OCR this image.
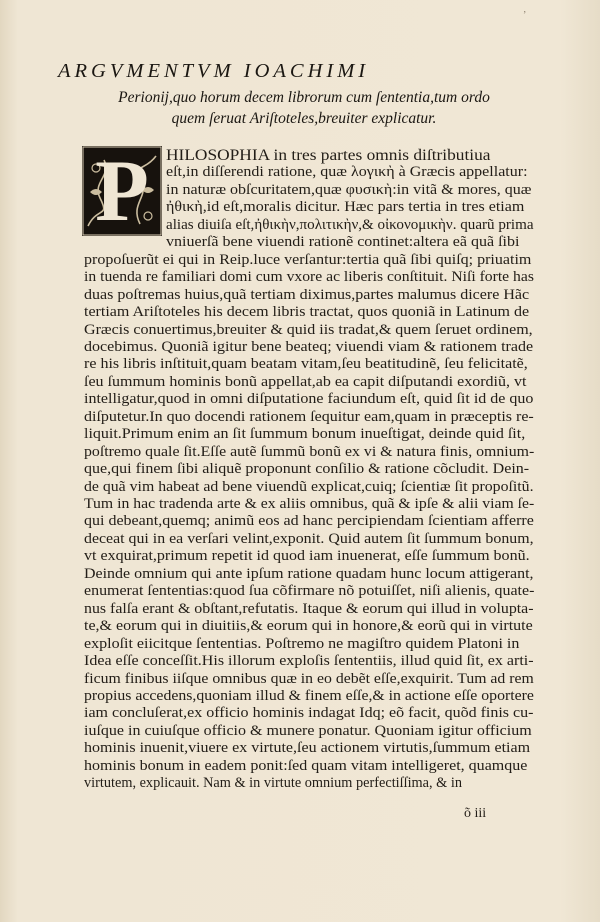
’
ARGVMENTVM IOACHIMI
Perionij,quo horum decem librorum cum ſententia,tum ordo
quem ſeruat Ariſtoteles,breuiter explicatur.
P	HILOSOPHIA in tres partes omnis diſtributiua
eſt,in diſſerendi ratione, quæ λογικὴ à Græcis appellatur:
in naturæ obſcuritatem,quæ φυσικὴ:in vitã & mores, quæ
ἠθικὴ,id eſt,moralis dicitur. Hæc pars tertia in tres etiam
alias diuiſa eſt,ἠθικὴν,πολιτικὴν,& οἰκονομικὴν. quarũ prima
vniuerſã bene viuendi rationẽ continet:altera eã quã ſibi
propoſuerũt ei qui in Reip.luce verſantur:tertia quã ſibi quiſq; priuatim
in tuenda re familiari domi cum vxore ac liberis conſtituit. Niſi forte has
duas poſtremas huius,quã tertiam diximus,partes malumus dicere Hãc
tertiam Ariſtoteles his decem libris tractat, quos quoniã in Latinum de
Græcis conuertimus,breuiter & quid iis tradat,& quem ſeruet ordinem,
docebimus. Quoniã igitur bene beateq; viuendi viam & rationem trade
re his libris inſtituit,quam beatam vitam,ſeu beatitudinẽ, ſeu felicitatẽ,
ſeu ſummum hominis bonũ appellat,ab ea capit diſputandi exordiũ, vt
intelligatur,quod in omni diſputatione faciundum eſt, quid ſit id de quo
diſputetur.In quo docendi rationem ſequitur eam,quam in præceptis re-
liquit.Primum enim an ſit ſummum bonum inueſtigat, deinde quid ſit,
poſtremo quale ſit.Eſſe autẽ ſummũ bonũ ex vi & natura finis, omnium-
que,qui finem ſibi aliquẽ proponunt conſilio & ratione cõcludit. Dein-
de quã vim habeat ad bene viuendũ explicat,cuiq; ſcientiæ ſit propoſitũ.
Tum in hac tradenda arte & ex aliis omnibus, quã & ipſe & alii viam ſe-
qui debeant,quemq; animũ eos ad hanc percipiendam ſcientiam afferre
deceat qui in ea verſari velint,exponit. Quid autem ſit ſummum bonum,
vt exquirat,primum repetit id quod iam inuenerat, eſſe ſummum bonũ.
Deinde omnium qui ante ipſum ratione quadam hunc locum attigerant,
enumerat ſententias:quod ſua cõfirmare nõ potuiſſet, niſi alienis, quate-
nus falſa erant & obſtant,refutatis. Itaque & eorum qui illud in volupta-
te,& eorum qui in diuitiis,& eorum qui in honore,& eorũ qui in virtute
exploſit eiicitque ſententias. Poſtremo ne magiſtro quidem Platoni in
Idea eſſe conceſſit.His illorum exploſis ſententiis, illud quid ſit, ex arti-
ficum finibus iiſque omnibus quæ in eo debẽt eſſe,exquirit. Tum ad rem
propius accedens,quoniam illud & finem eſſe,& in actione eſſe oportere
iam concluſerat,ex officio hominis indagat Idq; eõ facit, quõd finis cu-
iuſque in cuiuſque officio & munere ponatur. Quoniam igitur officium
hominis inuenit,viuere ex virtute,ſeu actionem virtutis,ſummum etiam
hominis bonum in eadem ponit:ſed quam vitam intelligeret, quamque
virtutem, explicauit. Nam & in virtute omnium perfectiſſima, & in
õ iii
